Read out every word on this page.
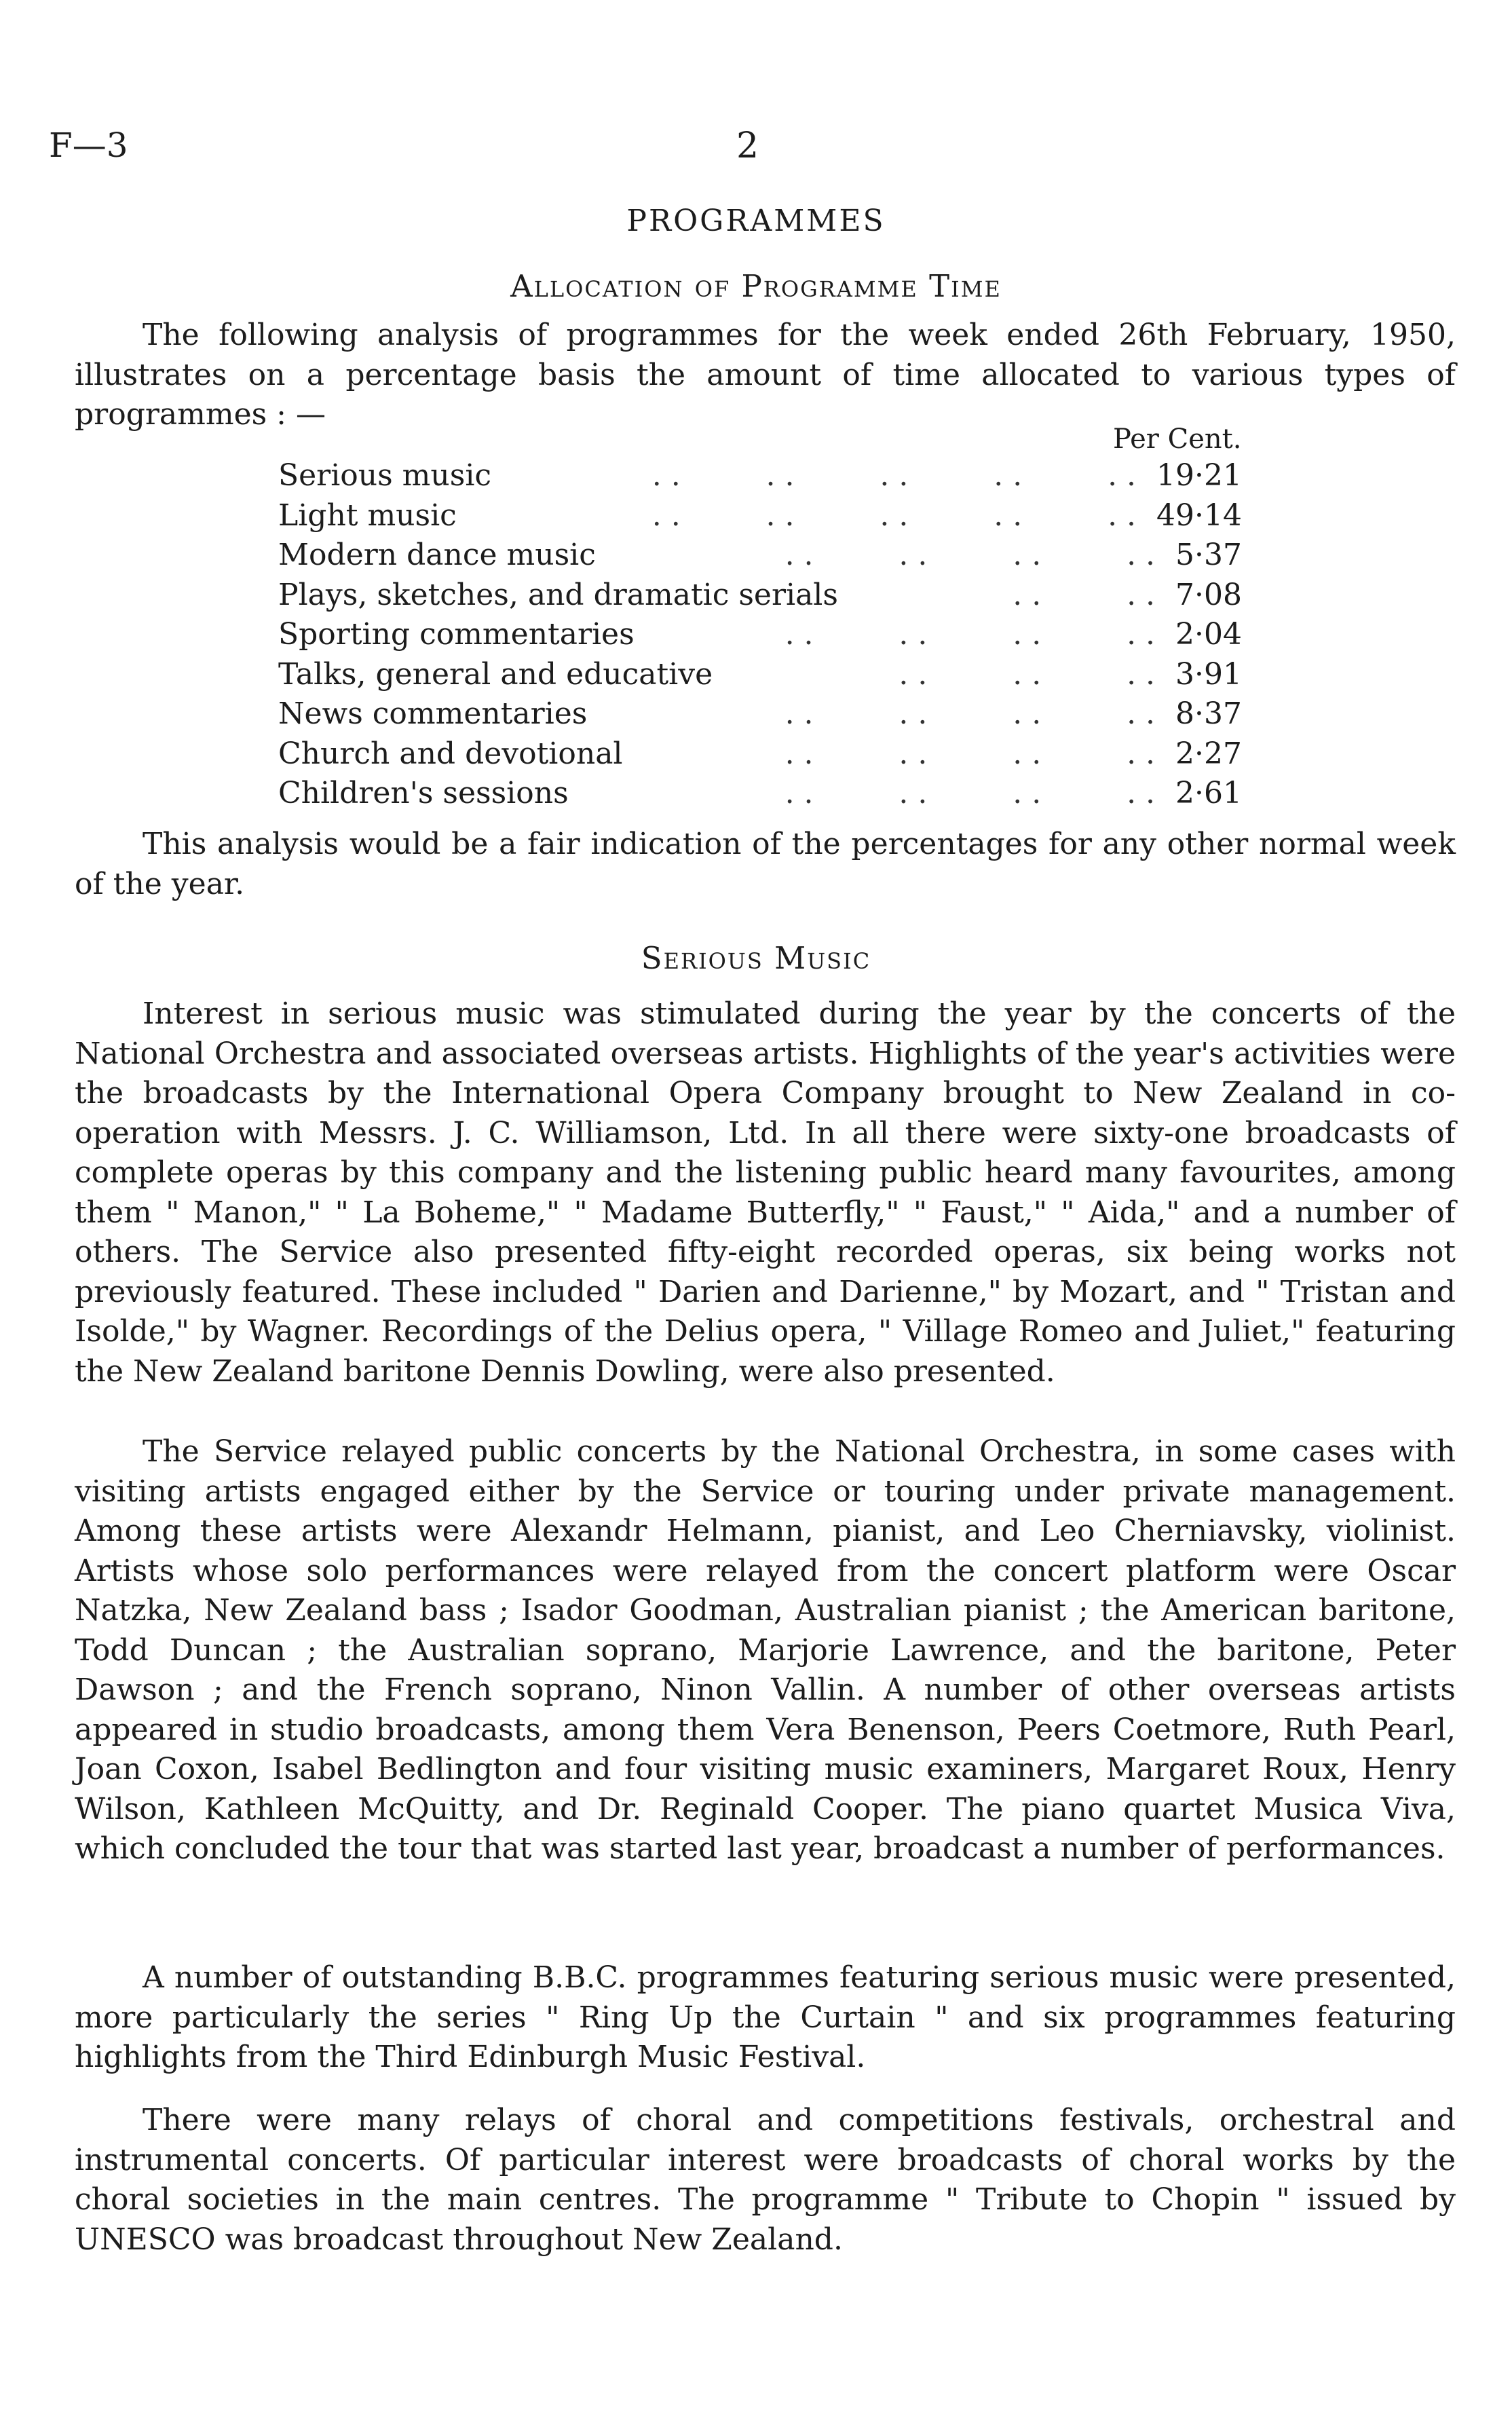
F—3	2
PROGRAMMES
Allocation of Programme Time

The following analysis of programmes for the week ended 26th February, 1950, illustrates on a percentage basis the amount of time allocated to various types of programmes : —

Per Cent.
. .         . .         . .         . .         . .
Serious music	19·21
. .         . .         . .         . .         . .
Light music	49·14
. .         . .         . .         . .
Modern dance music	5·37
. .         . .
Plays, sketches, and dramatic serials	7·08
. .         . .         . .         . .
Sporting commentaries	2·04
. .         . .         . .
Talks, general and educative	3·91
. .         . .         . .         . .
News commentaries	8·37
. .         . .         . .         . .
Church and devotional	2·27
. .         . .         . .         . .
Children's sessions	2·61

This analysis would be a fair indication of the percentages for any other normal week of the year.

Serious Music

Interest in serious music was stimulated during the year by the concerts of the National Orchestra and associated overseas artists. Highlights of the year's activities were the broadcasts by the International Opera Company brought to New Zealand in co-operation with Messrs. J. C. Williamson, Ltd. In all there were sixty-one broadcasts of complete operas by this company and the listening public heard many favourites, among them " Manon," " La Boheme," " Madame Butterfly," " Faust," " Aida," and a number of others. The Service also presented fifty-eight recorded operas, six being works not previously featured. These included " Darien and Darienne," by Mozart, and " Tristan and Isolde," by Wagner. Recordings of the Delius opera, " Village Romeo and Juliet," featuring the New Zealand baritone Dennis Dowling, were also presented.

The Service relayed public concerts by the National Orchestra, in some cases with visiting artists engaged either by the Service or touring under private management. Among these artists were Alexandr Helmann, pianist, and Leo Cherniavsky, violinist. Artists whose solo performances were relayed from the concert platform were Oscar Natzka, New Zealand bass ; Isador Goodman, Australian pianist ; the American baritone, Todd Duncan ; the Australian soprano, Marjorie Lawrence, and the baritone, Peter Dawson ; and the French soprano, Ninon Vallin. A number of other overseas artists appeared in studio broadcasts, among them Vera Benenson, Peers Coetmore, Ruth Pearl, Joan Coxon, Isabel Bedlington and four visiting music examiners, Margaret Roux, Henry Wilson, Kathleen McQuitty, and Dr. Reginald Cooper. The piano quartet Musica Viva, which concluded the tour that was started last year, broadcast a number of performances.

A number of outstanding B.B.C. programmes featuring serious music were presented, more particularly the series " Ring Up the Curtain " and six programmes featuring highlights from the Third Edinburgh Music Festival.

There were many relays of choral and competitions festivals, orchestral and instrumental concerts. Of particular interest were broadcasts of choral works by the choral societies in the main centres. The programme " Tribute to Chopin " issued by UNESCO was broadcast throughout New Zealand.
